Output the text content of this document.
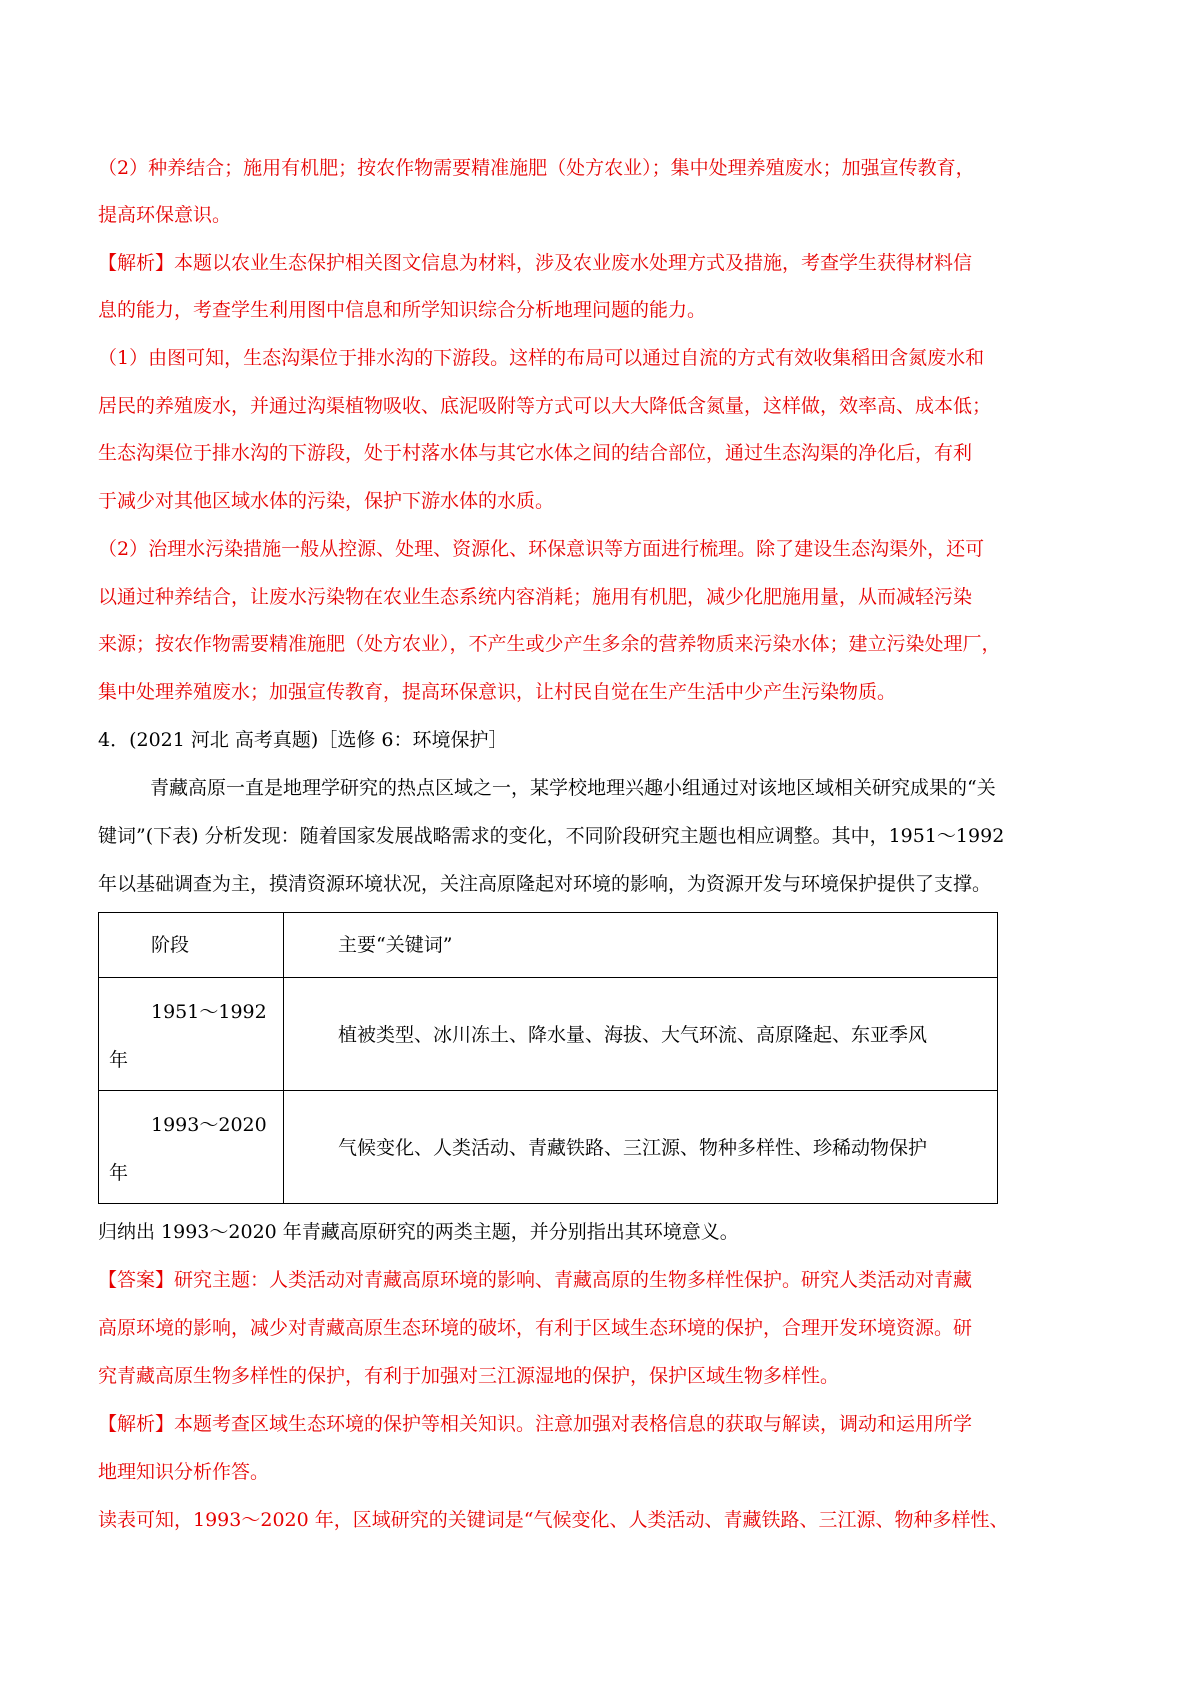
（2）种养结合；施用有机肥；按农作物需要精准施肥（处方农业）；集中处理养殖废水；加强宣传教育，
提高环保意识。
【解析】本题以农业生态保护相关图文信息为材料，涉及农业废水处理方式及措施，考查学生获得材料信
息的能力，考查学生利用图中信息和所学知识综合分析地理问题的能力。
（1）由图可知，生态沟渠位于排水沟的下游段。这样的布局可以通过自流的方式有效收集稻田含氮废水和
居民的养殖废水，并通过沟渠植物吸收、底泥吸附等方式可以大大降低含氮量，这样做，效率高、成本低；
生态沟渠位于排水沟的下游段，处于村落水体与其它水体之间的结合部位，通过生态沟渠的净化后，有利
于减少对其他区域水体的污染，保护下游水体的水质。
（2）治理水污染措施一般从控源、处理、资源化、环保意识等方面进行梳理。除了建设生态沟渠外，还可
以通过种养结合，让废水污染物在农业生态系统内容消耗；施用有机肥，减少化肥施用量，从而减轻污染
来源；按农作物需要精准施肥（处方农业），不产生或少产生多余的营养物质来污染水体；建立污染处理厂，
集中处理养殖废水；加强宣传教育，提高环保意识，让村民自觉在生产生活中少产生污染物质。
4．(2021 河北 高考真题)［选修 6：环境保护］
青藏高原一直是地理学研究的热点区域之一，某学校地理兴趣小组通过对该地区域相关研究成果的“关
键词”(下表) 分析发现：随着国家发展战略需求的变化，不同阶段研究主题也相应调整。其中，1951～1992
年以基础调查为主，摸清资源环境状况，关注高原隆起对环境的影响，为资源开发与环境保护提供了支撑。
阶段	主要“关键词”

1951～1992
年	植被类型、冰川冻土、降水量、海拔、大气环流、高原隆起、东亚季风

1993～2020
年	气候变化、人类活动、青藏铁路、三江源、物种多样性、珍稀动物保护
归纳出 1993～2020 年青藏高原研究的两类主题，并分别指出其环境意义。
【答案】研究主题：人类活动对青藏高原环境的影响、青藏高原的生物多样性保护。研究人类活动对青藏
高原环境的影响，减少对青藏高原生态环境的破坏，有利于区域生态环境的保护，合理开发环境资源。研
究青藏高原生物多样性的保护，有利于加强对三江源湿地的保护，保护区域生物多样性。
【解析】本题考查区域生态环境的保护等相关知识。注意加强对表格信息的获取与解读，调动和运用所学
地理知识分析作答。
读表可知，1993～2020 年，区域研究的关键词是“气候变化、人类活动、青藏铁路、三江源、物种多样性、
